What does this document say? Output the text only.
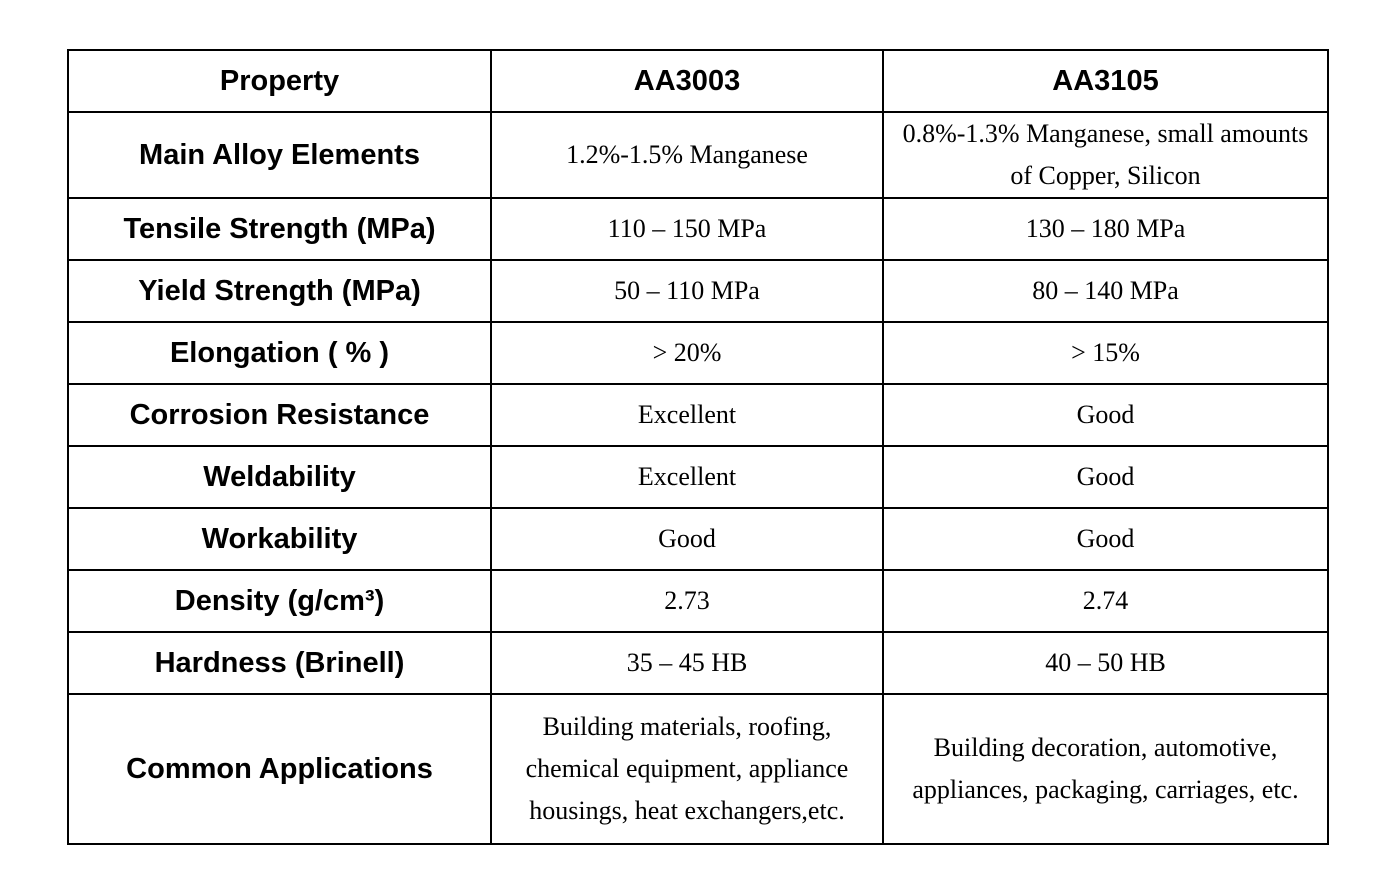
Property	AA3003	AA3105
Main Alloy Elements	1.2%-1.5% Manganese	0.8%-1.3% Manganese, small amounts of Copper, Silicon
Tensile Strength (MPa)	110 – 150 MPa	130 – 180 MPa
Yield Strength (MPa)	50 – 110 MPa	80 – 140 MPa
Elongation ( % )	> 20%	> 15%
Corrosion Resistance	Excellent	Good
Weldability	Excellent	Good
Workability	Good	Good
Density (g/cm³)	2.73	2.74
Hardness (Brinell)	35 – 45 HB	40 – 50 HB
Common Applications	Building materials, roofing, chemical equipment, appliance housings, heat exchangers,etc.	Building decoration, automotive, appliances, packaging, carriages, etc.
